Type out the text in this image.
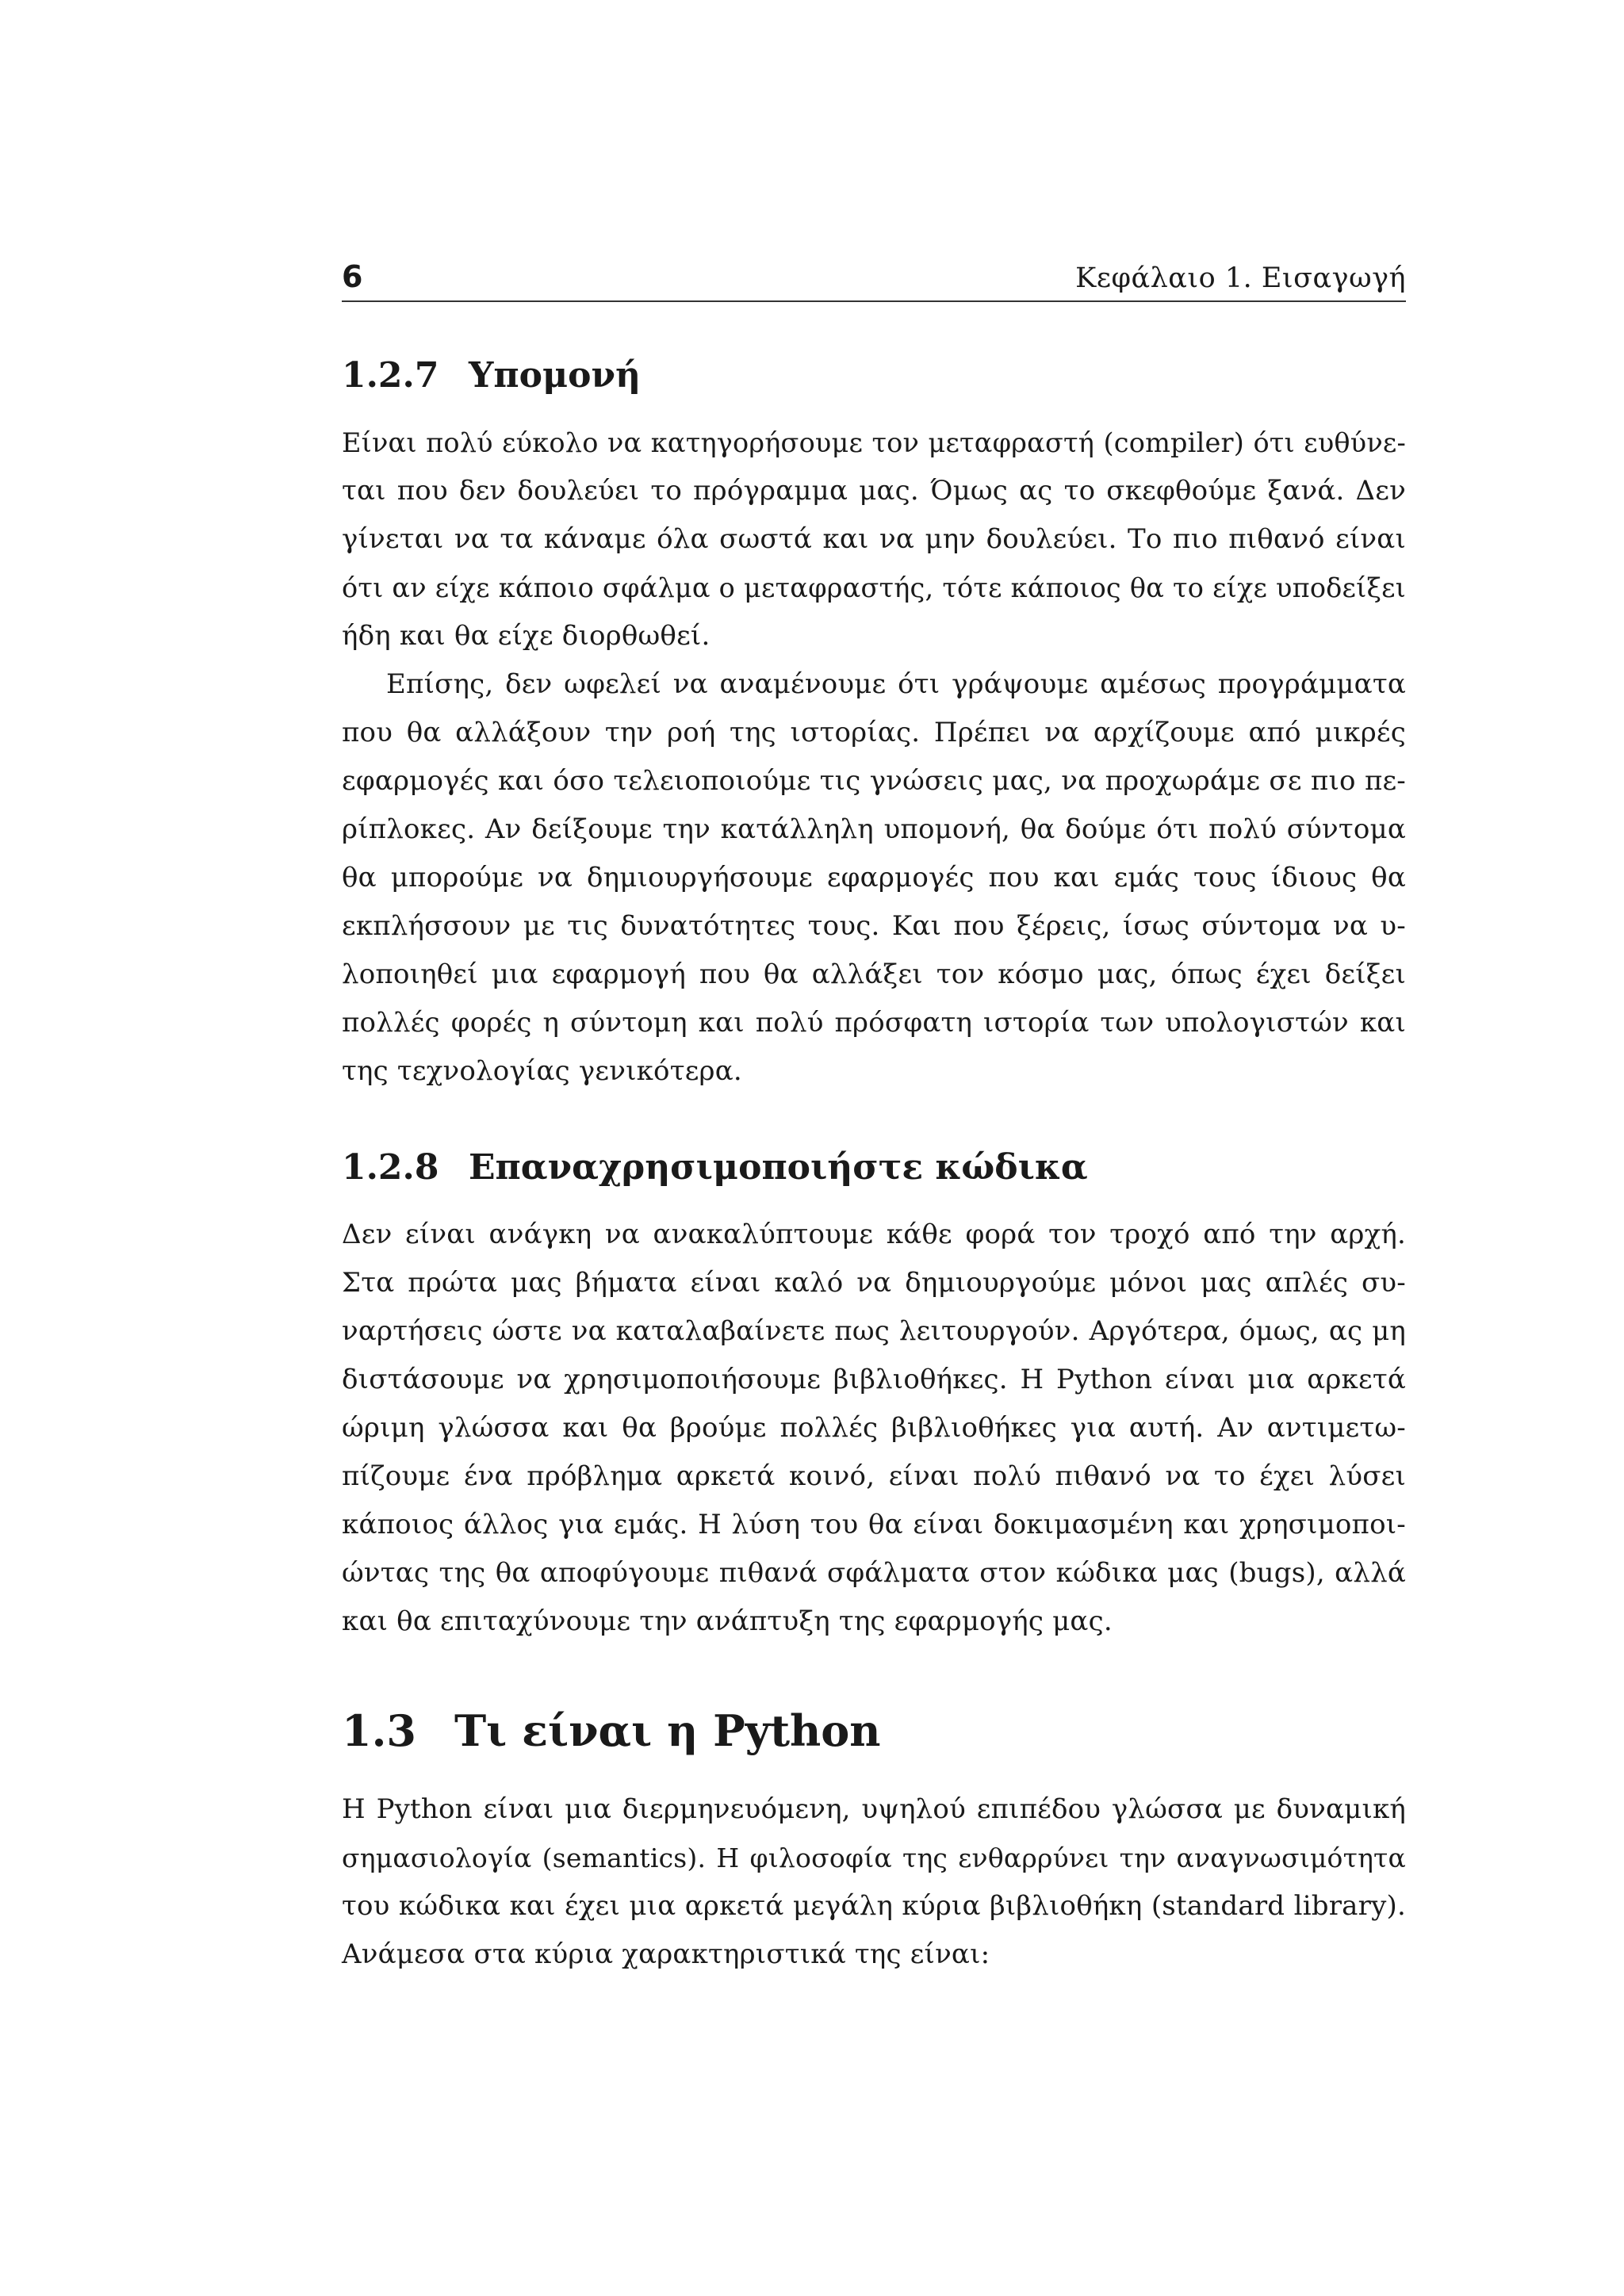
6	Κεφάλαιο 1. Εισαγωγή
1.2.7 Υπομονή
Είναι πολύ εύκολο να κατηγορήσουμε τον μεταφραστή (compiler) ότι ευθύνε-
ται που δεν δουλεύει το πρόγραμμα μας. Όμως ας το σκεφθούμε ξανά. Δεν
γίνεται να τα κάναμε όλα σωστά και να μην δουλεύει. Το πιο πιθανό είναι
ότι αν είχε κάποιο σφάλμα ο μεταφραστής, τότε κάποιος θα το είχε υποδείξει
ήδη και θα είχε διορθωθεί.
Επίσης, δεν ωφελεί να αναμένουμε ότι γράψουμε αμέσως προγράμματα
που θα αλλάξουν την ροή της ιστορίας. Πρέπει να αρχίζουμε από μικρές
εφαρμογές και όσο τελειοποιούμε τις γνώσεις μας, να προχωράμε σε πιο πε-
ρίπλοκες. Αν δείξουμε την κατάλληλη υπομονή, θα δούμε ότι πολύ σύντομα
θα μπορούμε να δημιουργήσουμε εφαρμογές που και εμάς τους ίδιους θα
εκπλήσσουν με τις δυνατότητες τους. Και που ξέρεις, ίσως σύντομα να υ-
λοποιηθεί μια εφαρμογή που θα αλλάξει τον κόσμο μας, όπως έχει δείξει
πολλές φορές η σύντομη και πολύ πρόσφατη ιστορία των υπολογιστών και
της τεχνολογίας γενικότερα.
1.2.8 Επαναχρησιμοποιήστε κώδικα
Δεν είναι ανάγκη να ανακαλύπτουμε κάθε φορά τον τροχό από την αρχή.
Στα πρώτα μας βήματα είναι καλό να δημιουργούμε μόνοι μας απλές συ-
ναρτήσεις ώστε να καταλαβαίνετε πως λειτουργούν. Αργότερα, όμως, ας μη
διστάσουμε να χρησιμοποιήσουμε βιβλιοθήκες. Η Python είναι μια αρκετά
ώριμη γλώσσα και θα βρούμε πολλές βιβλιοθήκες για αυτή. Αν αντιμετω-
πίζουμε ένα πρόβλημα αρκετά κοινό, είναι πολύ πιθανό να το έχει λύσει
κάποιος άλλος για εμάς. Η λύση του θα είναι δοκιμασμένη και χρησιμοποι-
ώντας της θα αποφύγουμε πιθανά σφάλματα στον κώδικα μας (bugs), αλλά
και θα επιταχύνουμε την ανάπτυξη της εφαρμογής μας.
1.3 Τι είναι η Python
Η Python είναι μια διερμηνευόμενη, υψηλού επιπέδου γλώσσα με δυναμική
σημασιολογία (semantics). Η φιλοσοφία της ενθαρρύνει την αναγνωσιμότητα
του κώδικα και έχει μια αρκετά μεγάλη κύρια βιβλιοθήκη (standard library).
Ανάμεσα στα κύρια χαρακτηριστικά της είναι:
